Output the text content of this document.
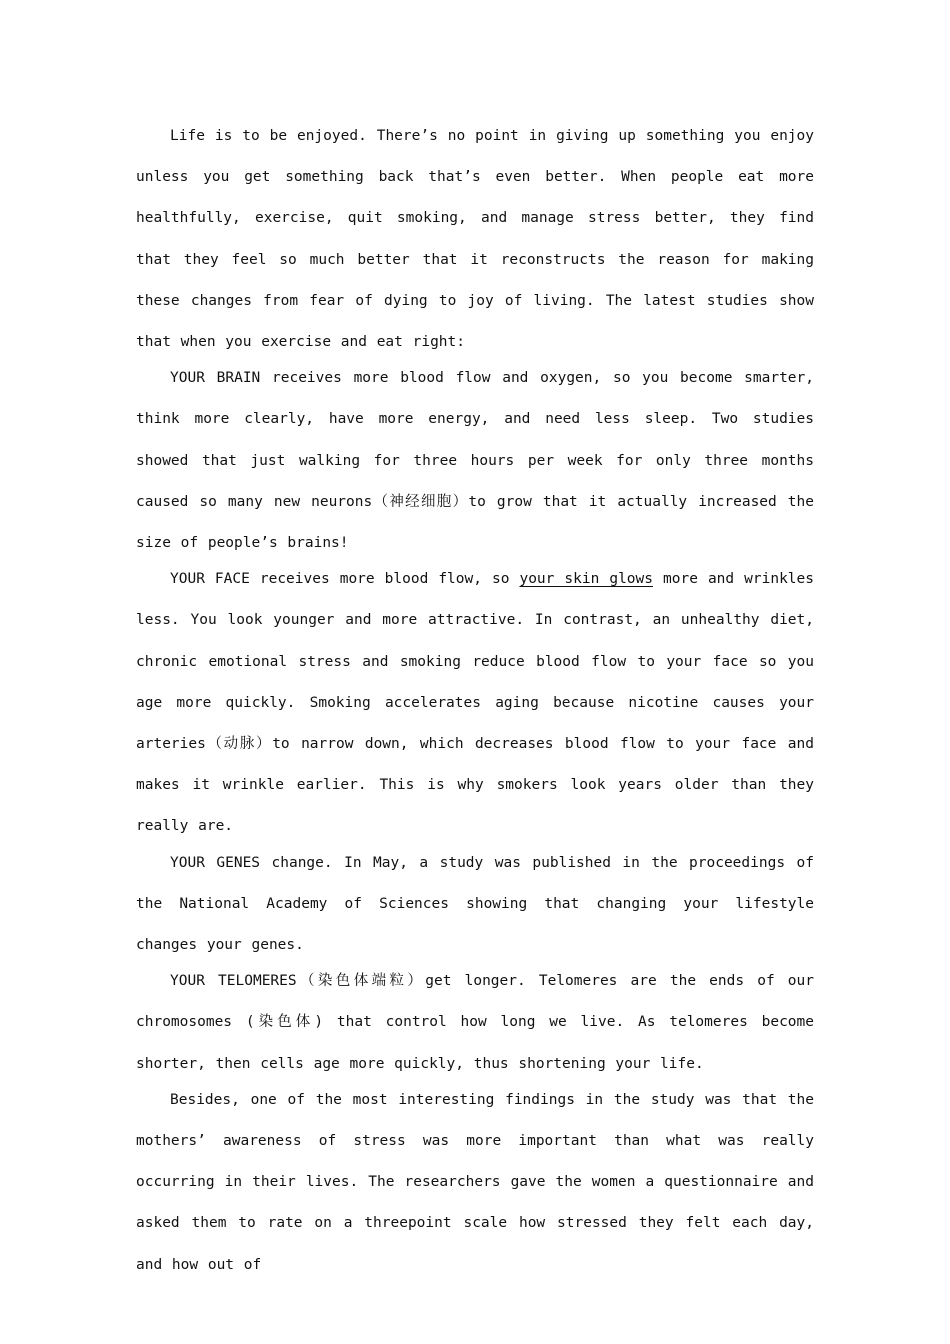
Life is to be enjoyed. There’s no point in giving up something you enjoy unless you get something back that’s even better. When people eat more healthfully, exercise, quit smoking, and manage stress better, they find that they feel so much better that it reconstructs the reason for making these changes from fear of dying to joy of living. The latest studies show that when you exercise and eat right:

YOUR BRAIN receives more blood flow and oxygen, so you become smarter, think more clearly, have more energy, and need less sleep. Two studies showed that just walking for three hours per week for only three months caused so many new neurons（神经细胞）to grow that it actually increased the size of people’s brains!

YOUR FACE receives more blood flow, so your skin glows more and wrinkles less. You look younger and more attractive. In contrast, an unhealthy diet, chronic emotional stress and smoking reduce blood flow to your face so you age more quickly. Smoking accelerates aging because nicotine causes your arteries（动脉）to narrow down, which decreases blood flow to your face and makes it wrinkle earlier. This is why smokers look years older than they really are.

YOUR GENES change. In May, a study was published in the proceedings of the National Academy of Sciences showing that changing your lifestyle changes your genes.

YOUR TELOMERES（染色体端粒）get longer. Telomeres are the ends of our chromosomes (染色体) that control how long we live. As telomeres become shorter, then cells age more quickly, thus shortening your life.

Besides, one of the most interesting findings in the study was that the mothers’ awareness of stress was more important than what was really occurring in their lives. The researchers gave the women a questionnaire and asked them to rate on a threepoint scale how stressed they felt each day, and how out of
